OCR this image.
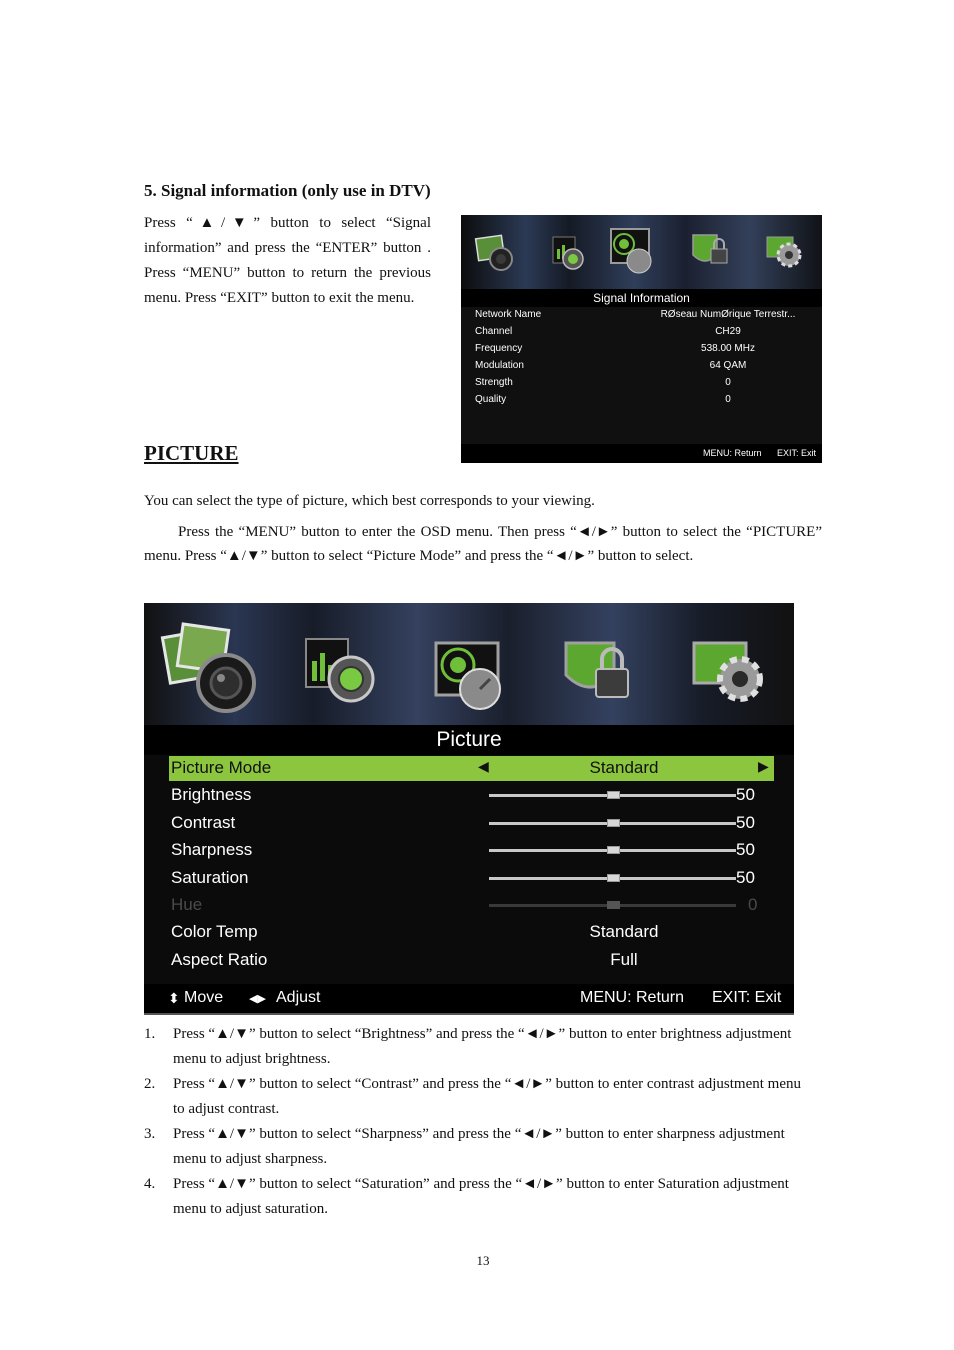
5. Signal information (only use in DTV)
Press “▲/▼” button to select “Signal information” and press the “ENTER” button . Press “MENU” button to return the previous menu. Press “EXIT” button to exit the menu.	Signal Information
Network Name	RØseau NumØrique Terrestr...
Channel	CH29
Frequency	538.00 MHz
Modulation	64 QAM
Strength	0
Quality	0
MENU: Return EXIT: Exit
PICTURE
You can select the type of picture, which best corresponds to your viewing.
Press the “MENU” button to enter the OSD menu. Then press “◄/►” button to select the “PICTURE” menu. Press “▲/▼” button to select “Picture Mode” and press the “◄/►” button to select.
Picture
Picture Mode	◀	Standard	▶
Brightness	50
Contrast	50
Sharpness	50
Saturation	50
Hue	0
Color Temp	Standard
Aspect Ratio	Full
⬍ Move ◀▶ Adjust	MENU: Return EXIT: Exit
1. Press “▲/▼” button to select “Brightness” and press the “◄/►” button to enter brightness adjustment menu to adjust brightness.
2. Press “▲/▼” button to select “Contrast” and press the “◄/►” button to enter contrast adjustment menu to adjust contrast.
3. Press “▲/▼” button to select “Sharpness” and press the “◄/►” button to enter sharpness adjustment menu to adjust sharpness.
4. Press “▲/▼” button to select “Saturation” and press the “◄/►” button to enter Saturation adjustment menu to adjust saturation.
13
